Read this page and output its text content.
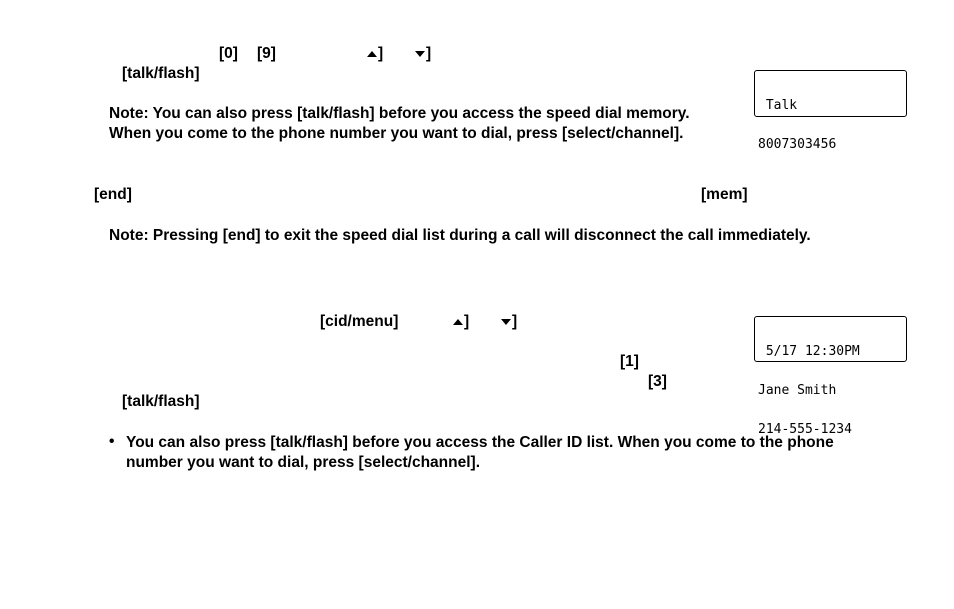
[0] [9]	]	]
[talk/flash]

Talk

8007303456

Note: You can also press [talk/flash] before you access the speed dial memory.
When you come to the phone number you want to dial, press [select/channel].
[end]	[mem]
Note: Pressing [end] to exit the speed dial list during a call will disconnect the call immediately.
[cid/menu]	]	]

5/17 12:30PM

Jane Smith

214-555-1234

[1]
[3]
[talk/flash]
• You can also press [talk/flash] before you access the Caller ID list. When you come to the phone
number you want to dial, press [select/channel].
